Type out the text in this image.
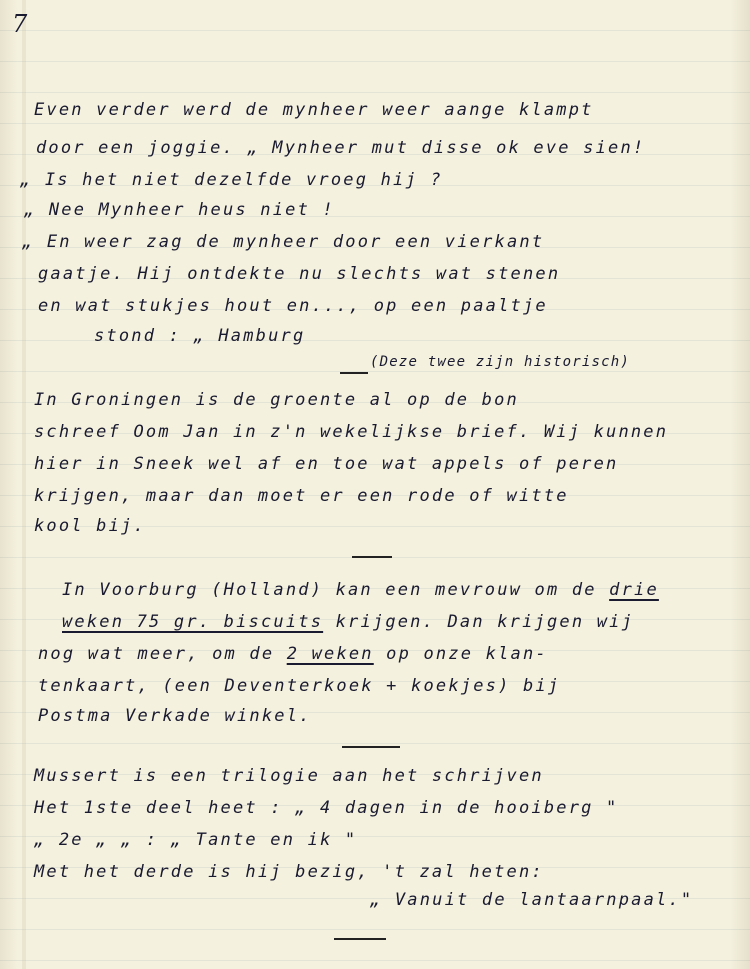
7
Even verder werd de mynheer weer aange klampt
door een joggie. „ Mynheer mut disse ok eve sien!
„ Is het niet dezelfde vroeg hij ?
„ Nee Mynheer heus niet !
„ En weer zag de mynheer door een vierkant
gaatje. Hij ontdekte nu slechts wat stenen
en wat stukjes hout en..., op een paaltje
stond : „ Hamburg
(Deze twee zijn historisch)
In Groningen is de groente al op de bon
schreef Oom Jan in z'n wekelijkse brief. Wij kunnen
hier in Sneek wel af en toe wat appels of peren
krijgen, maar dan moet er een rode of witte
kool bij.
In Voorburg (Holland) kan een mevrouw om de drie
weken 75 gr. biscuits krijgen. Dan krijgen wij
nog wat meer, om de 2 weken op onze klan-
tenkaart, (een Deventerkoek + koekjes) bij
Postma Verkade winkel.
Mussert is een trilogie aan het schrijven
Het 1ste deel heet : „ 4 dagen in de hooiberg "
„ 2e „ „ : „ Tante en ik "
Met het derde is hij bezig, 't zal heten:
„ Vanuit de lantaarnpaal."
